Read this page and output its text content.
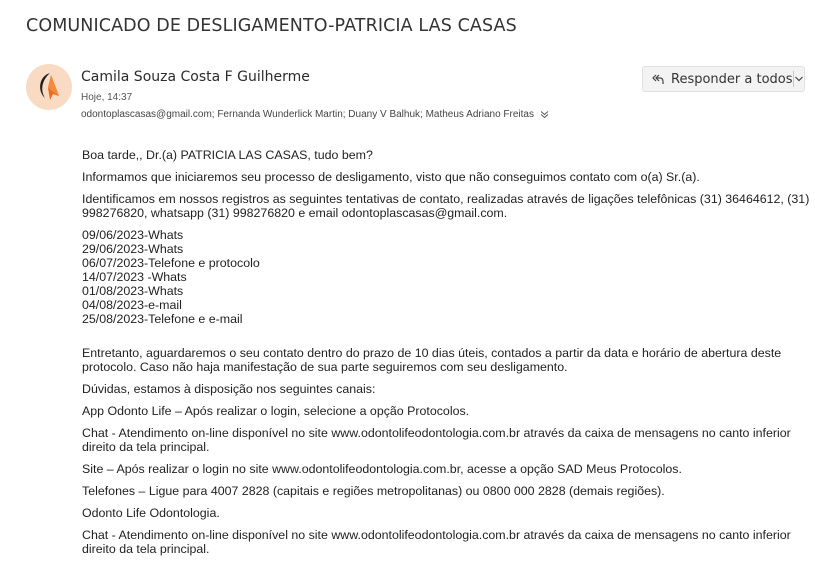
COMUNICADO DE DESLIGAMENTO-PATRICIA LAS CASAS
Camila Souza Costa F Guilherme
Hoje, 14:37
odontoplascasas@gmail.com; Fernanda Wunderlick Martin; Duany V Balhuk; Matheus Adriano Freitas
Responder a todos

Boa tarde,, Dr.(a) PATRICIA LAS CASAS, tudo bem?

Informamos que iniciaremos seu processo de desligamento, visto que não conseguimos contato com o(a) Sr.(a).

Identificamos em nossos registros as seguintes tentativas de contato, realizadas através de ligações telefônicas (31) 36464612, (31) 998276820, whatsapp (31) 998276820 e email odontoplascasas@gmail.com.

09/06/2023-Whats
29/06/2023-Whats
06/07/2023-Telefone e protocolo
14/07/2023 -Whats
01/08/2023-Whats
04/08/2023-e-mail
25/08/2023-Telefone e e-mail

Entretanto, aguardaremos o seu contato dentro do prazo de 10 dias úteis, contados a partir da data e horário de abertura deste protocolo. Caso não haja manifestação de sua parte seguiremos com seu desligamento.

Dúvidas, estamos à disposição nos seguintes canais:

App Odonto Life – Após realizar o login, selecione a opção Protocolos.

Chat - Atendimento on-line disponível no site www.odontolifeodontologia.com.br através da caixa de mensagens no canto inferior direito da tela principal.

Site – Após realizar o login no site www.odontolifeodontologia.com.br, acesse a opção SAD Meus Protocolos.

Telefones – Ligue para 4007 2828 (capitais e regiões metropolitanas) ou 0800 000 2828 (demais regiões).

Odonto Life Odontologia.

Chat - Atendimento on-line disponível no site www.odontolifeodontologia.com.br através da caixa de mensagens no canto inferior direito da tela principal.
